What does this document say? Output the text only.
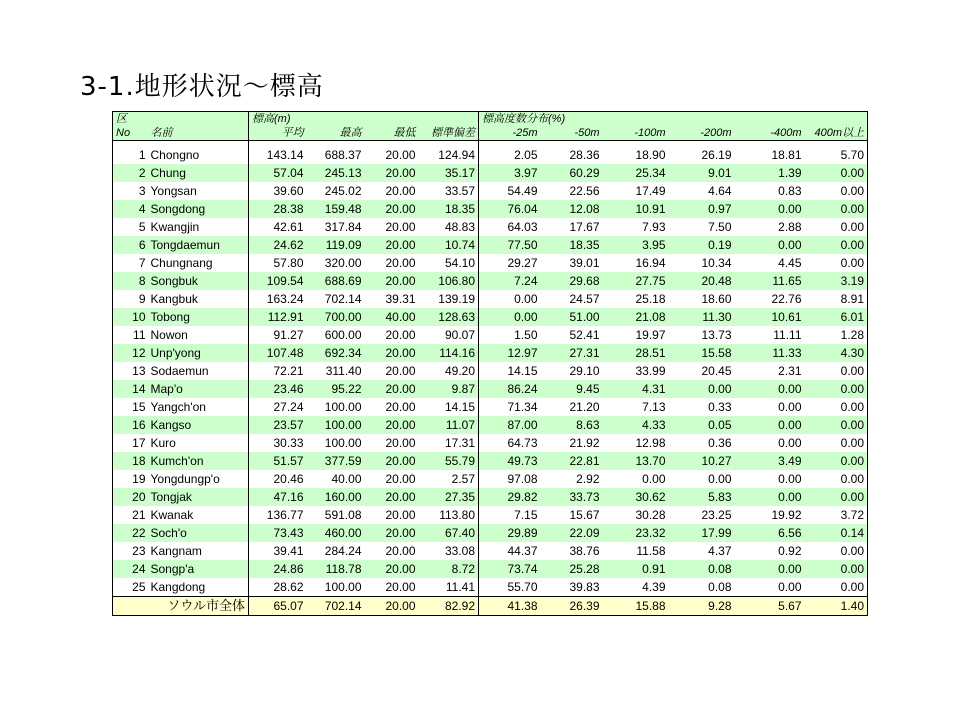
3-1.地形状況～標高
区		標高(m)				標高度数分布(%)					
No	名前	平均	最高	最低	標準偏差	-25m	-50m	-100m	-200m	-400m	400m以上

1	Chongno	143.14	688.37	20.00	124.94	2.05	28.36	18.90	26.19	18.81	5.70
2	Chung	57.04	245.13	20.00	35.17	3.97	60.29	25.34	9.01	1.39	0.00
3	Yongsan	39.60	245.02	20.00	33.57	54.49	22.56	17.49	4.64	0.83	0.00
4	Songdong	28.38	159.48	20.00	18.35	76.04	12.08	10.91	0.97	0.00	0.00
5	Kwangjin	42.61	317.84	20.00	48.83	64.03	17.67	7.93	7.50	2.88	0.00
6	Tongdaemun	24.62	119.09	20.00	10.74	77.50	18.35	3.95	0.19	0.00	0.00
7	Chungnang	57.80	320.00	20.00	54.10	29.27	39.01	16.94	10.34	4.45	0.00
8	Songbuk	109.54	688.69	20.00	106.80	7.24	29.68	27.75	20.48	11.65	3.19
9	Kangbuk	163.24	702.14	39.31	139.19	0.00	24.57	25.18	18.60	22.76	8.91
10	Tobong	112.91	700.00	40.00	128.63	0.00	51.00	21.08	11.30	10.61	6.01
11	Nowon	91.27	600.00	20.00	90.07	1.50	52.41	19.97	13.73	11.11	1.28
12	Unp'yong	107.48	692.34	20.00	114.16	12.97	27.31	28.51	15.58	11.33	4.30
13	Sodaemun	72.21	311.40	20.00	49.20	14.15	29.10	33.99	20.45	2.31	0.00
14	Map'o	23.46	95.22	20.00	9.87	86.24	9.45	4.31	0.00	0.00	0.00
15	Yangch'on	27.24	100.00	20.00	14.15	71.34	21.20	7.13	0.33	0.00	0.00
16	Kangso	23.57	100.00	20.00	11.07	87.00	8.63	4.33	0.05	0.00	0.00
17	Kuro	30.33	100.00	20.00	17.31	64.73	21.92	12.98	0.36	0.00	0.00
18	Kumch'on	51.57	377.59	20.00	55.79	49.73	22.81	13.70	10.27	3.49	0.00
19	Yongdungp'o	20.46	40.00	20.00	2.57	97.08	2.92	0.00	0.00	0.00	0.00
20	Tongjak	47.16	160.00	20.00	27.35	29.82	33.73	30.62	5.83	0.00	0.00
21	Kwanak	136.77	591.08	20.00	113.80	7.15	15.67	30.28	23.25	19.92	3.72
22	Soch'o	73.43	460.00	20.00	67.40	29.89	22.09	23.32	17.99	6.56	0.14
23	Kangnam	39.41	284.24	20.00	33.08	44.37	38.76	11.58	4.37	0.92	0.00
24	Songp'a	24.86	118.78	20.00	8.72	73.74	25.28	0.91	0.08	0.00	0.00
25	Kangdong	28.62	100.00	20.00	11.41	55.70	39.83	4.39	0.08	0.00	0.00
ソウル市全体		65.07	702.14	20.00	82.92	41.38	26.39	15.88	9.28	5.67	1.40
